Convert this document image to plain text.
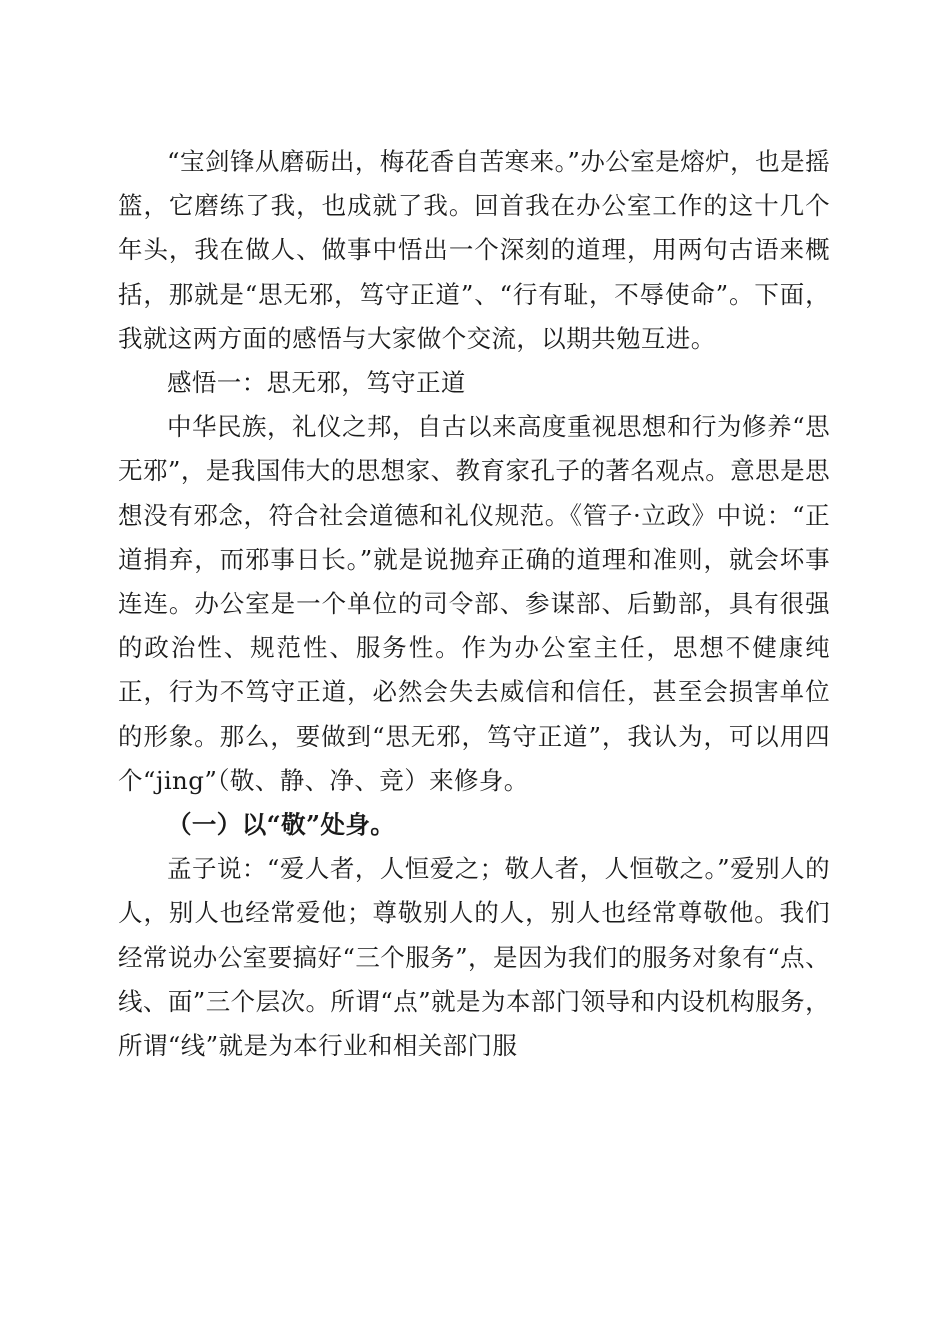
“宝剑锋从磨砺出，梅花香自苦寒来。”办公室是熔炉，也是摇篮，它磨练了我，也成就了我。回首我在办公室工作的这十几个年头，我在做人、做事中悟出一个深刻的道理，用两句古语来概括，那就是“思无邪，笃守正道”、“行有耻，不辱使命”。下面，我就这两方面的感悟与大家做个交流，以期共勉互进。

感悟一：思无邪，笃守正道

中华民族，礼仪之邦，自古以来高度重视思想和行为修养“思无邪”，是我国伟大的思想家、教育家孔子的著名观点。意思是思想没有邪念，符合社会道德和礼仪规范。《管子·立政》中说：“正道捐弃，而邪事日长。”就是说抛弃正确的道理和准则，就会坏事连连。办公室是一个单位的司令部、参谋部、后勤部，具有很强的政治性、规范性、服务性。作为办公室主任，思想不健康纯正，行为不笃守正道，必然会失去威信和信任，甚至会损害单位的形象。那么，要做到“思无邪，笃守正道”，我认为，可以用四个“jing”（敬、静、净、竞）来修身。

（一）以“敬”处身。

孟子说：“爱人者，人恒爱之；敬人者，人恒敬之。”爱别人的人，别人也经常爱他；尊敬别人的人，别人也经常尊敬他。我们经常说办公室要搞好“三个服务”，是因为我们的服务对象有“点、线、面”三个层次。所谓“点”就是为本部门领导和内设机构服务，所谓“线”就是为本行业和相关部门服
